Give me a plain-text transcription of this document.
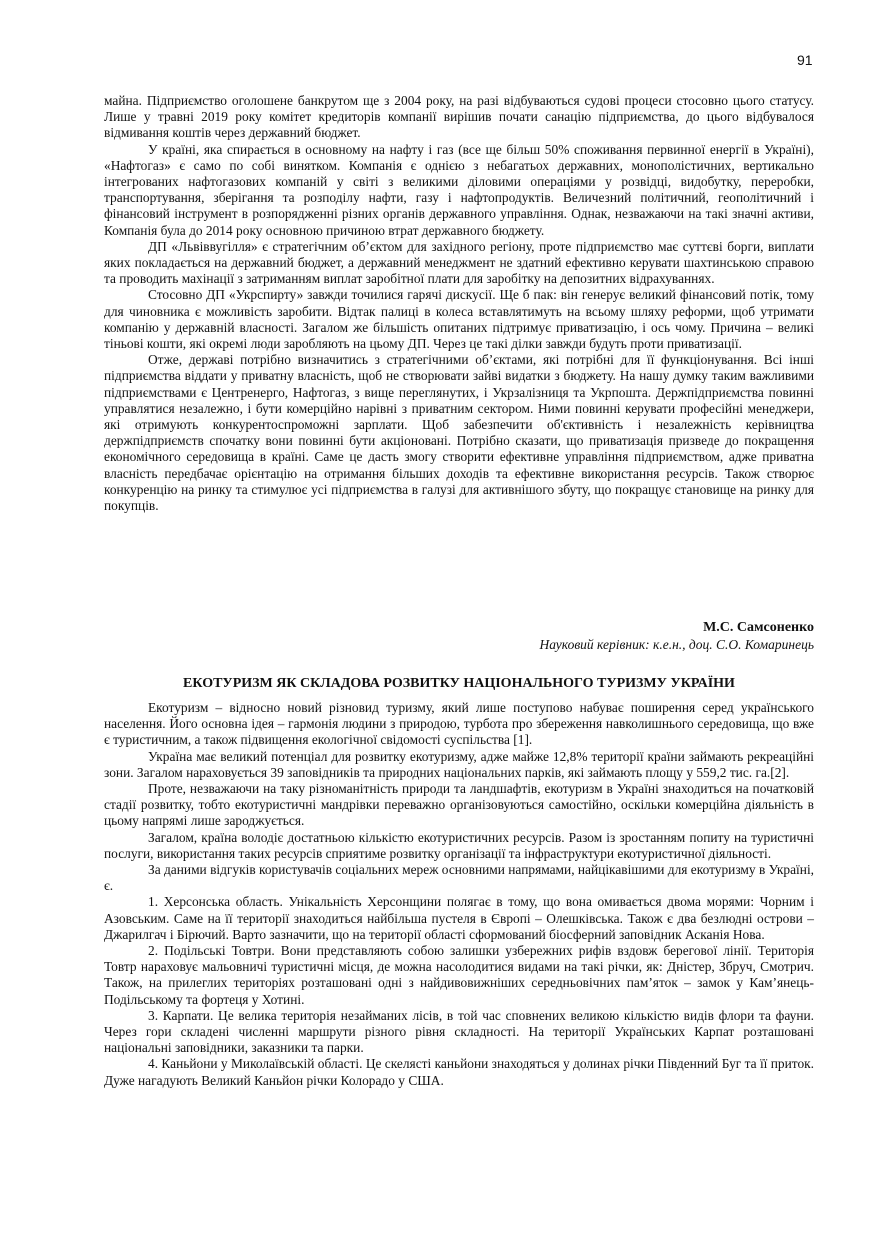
91

майна. Підприємство оголошене банкрутом ще з 2004 року, на разі відбуваються судові процеси стосовно цього статусу. Лише у травні 2019 року комітет кредиторів компанії вирішив почати санацію підприємства, до цього відбувалося відмивання коштів через державний бюджет.

У країні, яка спирається в основному на нафту і газ (все ще більш 50% споживання первинної енергії в Україні), «Нафтогаз» є само по собі винятком. Компанія є однією з небагатьох державних, монополістичних, вертикально інтегрованих нафтогазових компаній у світі з великими діловими операціями у розвідці, видобутку, переробки, транспортування, зберігання та розподілу нафти, газу і нафтопродуктів. Величезний політичний, геополітичний і фінансовий інструмент в розпорядженні різних органів державного управління. Однак, незважаючи на такі значні активи, Компанія була до 2014 року основною причиною втрат державного бюджету.

ДП «Львіввугілля» є стратегічним об’єктом для західного регіону, проте підприємство має суттєві борги, виплати яких покладається на державний бюджет, а державний менеджмент не здатний ефективно керувати шахтинською справою та проводить махінації з затриманням виплат заробітної плати для заробітку на депозитних відрахуваннях.

Стосовно ДП «Укрспирту» завжди точилися гарячі дискусії. Ще б пак: він генерує великий фінансовий потік, тому для чиновника є можливість заробити. Відтак палиці в колеса вставлятимуть на всьому шляху реформи, щоб утримати компанію у державній власності. Загалом же більшість опитаних підтримує приватизацію, і ось чому. Причина – великі тіньові кошти, які окремі люди заробляють на цьому ДП. Через це такі ділки завжди будуть проти приватизації.

Отже, державі потрібно визначитись з стратегічними об’єктами, які потрібні для її функціонування. Всі інші підприємства віддати у приватну власність, щоб не створювати зайві видатки з бюджету. На нашу думку таким важливими підприємствами є Центренерго, Нафтогаз, з вище переглянутих, і Укрзалізниця та Укрпошта. Держпідприємства повинні управлятися незалежно, і бути комерційно нарівні з приватним сектором. Ними повинні керувати професійні менеджери, які отримують конкурентоспроможні зарплати. Щоб забезпечити об'єктивність і незалежність керівництва держпідприємств спочатку вони повинні бути акціоновані. Потрібно сказати, що приватизація призведе до покращення економічного середовища в країні. Саме це дасть змогу створити ефективне управління підприємством, адже приватна власність передбачає орієнтацію на отримання більших доходів та ефективне використання ресурсів. Також створює конкуренцію на ринку та стимулює усі підприємства в галузі для активнішого збуту, що покращує становище на ринку для покупців.

М.С. Самсоненко
Науковий керівник: к.е.н., доц. С.О. Комаринець
ЕКОТУРИЗМ ЯК СКЛАДОВА РОЗВИТКУ НАЦІОНАЛЬНОГО ТУРИЗМУ УКРАЇНИ

Екотуризм – відносно новий різновид туризму, який лише поступово набуває поширення серед українського населення. Його основна ідея – гармонія людини з природою, турбота про збереження навколишнього середовища, що вже є туристичним, а також підвищення екологічної свідомості суспільства [1].

Україна має великий потенціал для розвитку екотуризму, адже майже 12,8% території країни займають рекреаційні зони. Загалом нараховується 39 заповідників та природних національних парків, які займають площу у 559,2 тис. га.[2].

Проте, незважаючи на таку різноманітність природи та ландшафтів, екотуризм в Україні знаходиться на початковій стадії розвитку, тобто екотуристичні мандрівки переважно організовуються самостійно, оскільки комерційна діяльність в цьому напрямі лише зароджується.

Загалом, країна володіє достатньою кількістю екотуристичних ресурсів. Разом із зростанням попиту на туристичні послуги, використання таких ресурсів сприятиме розвитку організації та інфраструктури екотуристичної діяльності.

За даними відгуків користувачів соціальних мереж основними напрямами, найцікавішими для екотуризму в Україні, є.

1. Херсонська область. Унікальність Херсонщини полягає в тому, що вона омивається двома морями: Чорним і Азовським. Саме на її території знаходиться найбільша пустеля в Європі – Олешківська. Також є два безлюдні острови – Джарилгач і Бірючий. Варто зазначити, що на території області сформований біосферний заповідник Асканія Нова.

2. Подільські Товтри. Вони представляють собою залишки узбережних рифів вздовж берегової лінії. Територія Товтр нараховує мальовничі туристичні місця, де можна насолодитися видами на такі річки, як: Дністер, Збруч, Смотрич. Також, на прилеглих територіях розташовані одні з найдивовижніших середньовічних пам’яток – замок у Кам’янець-Подільському та фортеця у Хотині.

3. Карпати. Це велика територія незайманих лісів, в той час сповнених великою кількістю видів флори та фауни. Через гори складені численні маршрути різного рівня складності. На території Українських Карпат розташовані національні заповідники, заказники та парки.

4. Каньйони у Миколаївській області. Це скелясті каньйони знаходяться у долинах річки Південний Буг та її приток. Дуже нагадують Великий Каньйон річки Колорадо у США.
